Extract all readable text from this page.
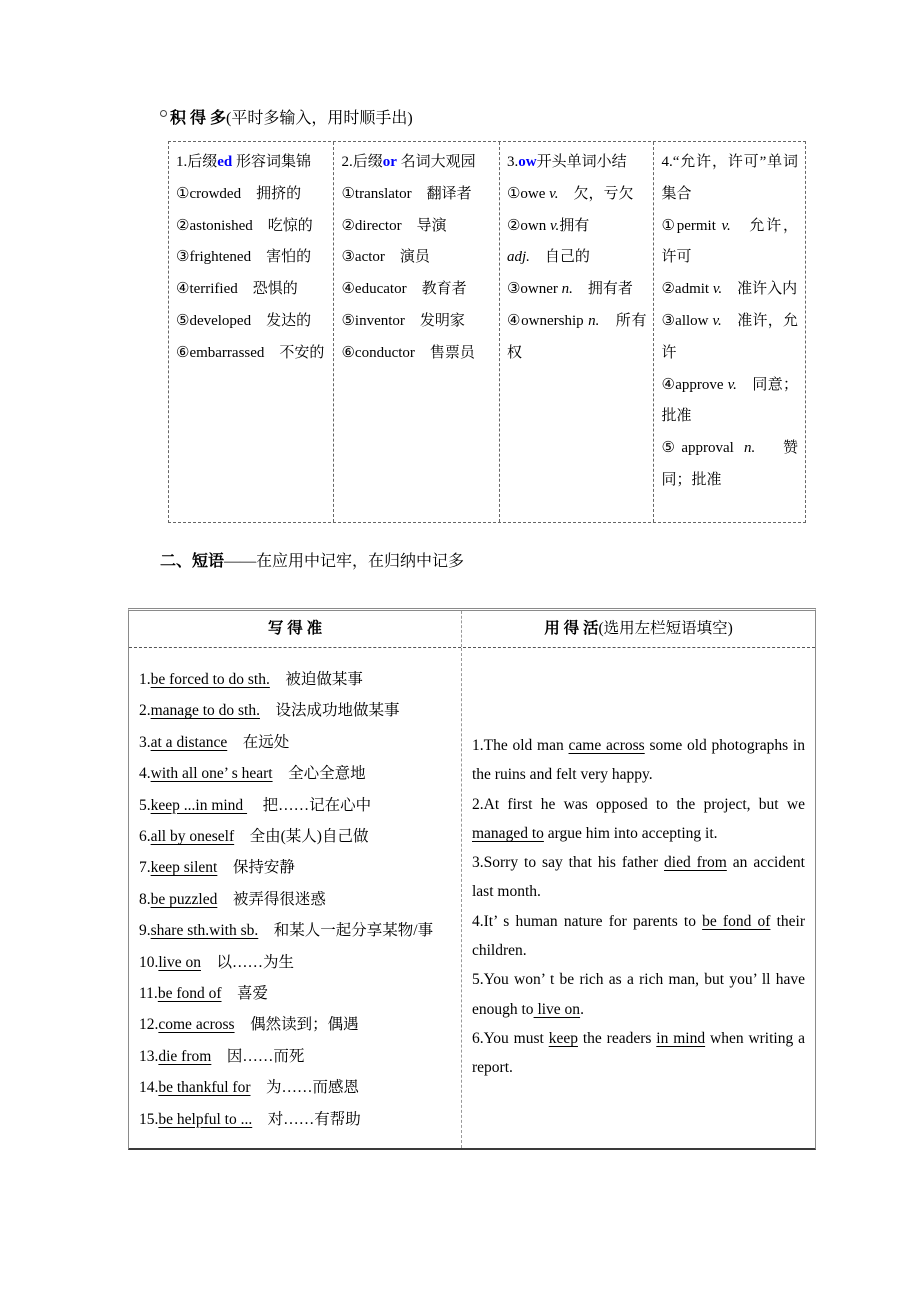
积 得 多(平时多输入，用时顺手出)

1.后缀ed 形容词集锦

①crowded　拥挤的

②astonished　吃惊的

③frightened　害怕的

④terrified　恐惧的

⑤developed　发达的

⑥embarrassed　不安的

2.后缀or 名词大观园

①translator　翻译者

②director　导演

③actor　演员

④educator　教育者

⑤inventor　发明家

⑥conductor　售票员

3.ow开头单词小结

①owe v.　欠，亏欠

②own v.拥有

adj.　自己的

③owner n.　拥有者

④ownership n.　所有权

4.“允许，许可”单词集合

①permit v.　允许，许可

②admit v.　准许入内

③allow v.　准许，允许

④approve v.　同意；批准

⑤approval n.　赞同；批准

二、短语——在应用中记牢，在归纳中记多
写 得 准	用 得 活(选用左栏短语填空)

1.be forced to do sth.　被迫做某事

2.manage to do sth.　设法成功地做某事

3.at a distance　在远处

4.with all one’ s heart　全心全意地

5.keep ...in mind 　把……记在心中

6.all by oneself　全由(某人)自己做

7.keep silent　保持安静

8.be puzzled　被弄得很迷惑

9.share sth.with sb.　和某人一起分享某物/事

10.live on　以……为生

11.be fond of　喜爱

12.come across　偶然读到；偶遇

13.die from　因……而死

14.be thankful for　为……而感恩

15.be helpful to ...　对……有帮助

1.The old man came across some old photographs in the ruins and felt very happy.

2.At first he was opposed to the project, but we managed to argue him into accepting it.

3.Sorry to say that his father died from an accident last month.

4.It’ s human nature for parents to be fond of their children.

5.You won’ t be rich as a rich man, but you’ ll have enough to live on.

6.You must keep the readers in mind when writing a　report.
